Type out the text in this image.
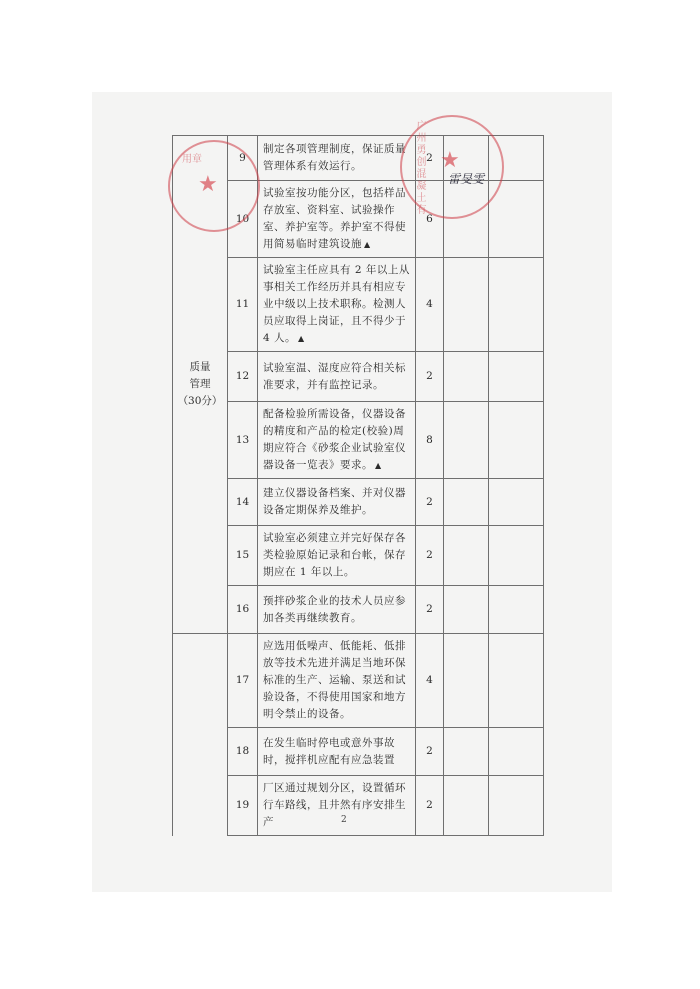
质量
管理
（30分）	9	制定各项管理制度，保证质量管理体系有效运行。	2		
	10	试验室按功能分区，包括样品存放室、资料室、试验操作室、养护室等。养护室不得使用简易临时建筑设施 ▲	6		
	11	试验室主任应具有 2 年以上从事相关工作经历并具有相应专业中级以上技术职称。检测人员应取得上岗证，且不得少于 4 人。 ▲	4		
	12	试验室温、湿度应符合相关标准要求，并有监控记录。	2		
	13	配备检验所需设备，仪器设备的精度和产品的检定(校验)周期应符合《砂浆企业试验室仪器设备一览表》要求。 ▲	8		
	14	建立仪器设备档案、并对仪器设备定期保养及维护。	2		
	15	试验室必须建立并完好保存各类检验原始记录和台帐，保存期应在 1 年以上。	2		
	16	预拌砂浆企业的技术人员应参加各类再继续教育。	2		
	17	应选用低噪声、低能耗、低排放等技术先进并满足当地环保标准的生产、运输、泵送和试验设备，不得使用国家和地方明令禁止的设备。	4		
	18	在发生临时停电或意外事故时，搅拌机应配有应急装置	2		
	19	厂区通过规划分区，设置循环行车路线，且井然有序安排生产	2		
★
用章	★
广州勇创混凝土有 雷旻雯
2
